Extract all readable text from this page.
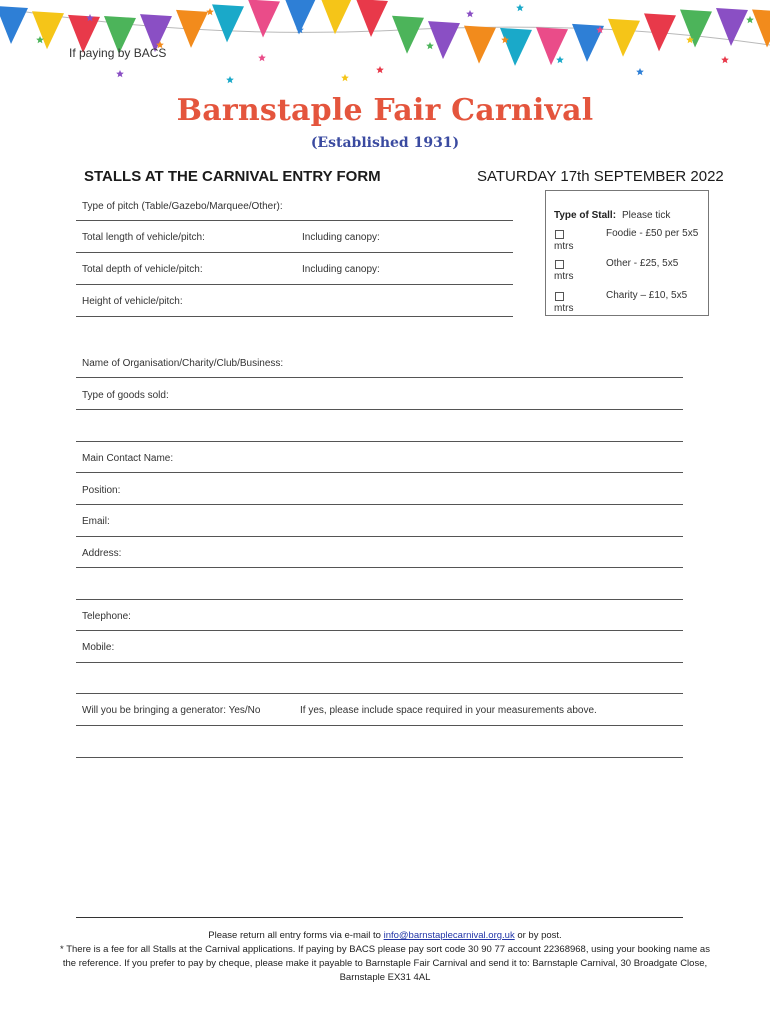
If paying by BACS
Barnstaple Fair Carnival
(Established 1931)
STALLS AT THE CARNIVAL ENTRY FORM	SATURDAY 17th SEPTEMBER 2022
Type of pitch (Table/Gazebo/Marquee/Other):
Total length of vehicle/pitch:	Including canopy:
Total depth of vehicle/pitch:	Including canopy:
Height of vehicle/pitch:
Type of Stall: Please tick
Foodie - £50 per 5x5
mtrs
Other - £25, 5x5
mtrs
Charity – £10, 5x5
mtrs
Name of Organisation/Charity/Club/Business:
Type of goods sold:
Main Contact Name:
Position:
Email:
Address:
Telephone:
Mobile:
Will you be bringing a generator: Yes/No	If yes, please include space required in your measurements above.
Please return all entry forms via e-mail to info@barnstaplecarnival.org.uk or by post.
* There is a fee for all Stalls at the Carnival applications. If paying by BACS please pay sort code 30 90 77 account 22368968, using your booking name as the reference. If you prefer to pay by cheque, please make it payable to Barnstaple Fair Carnival and send it to: Barnstaple Carnival, 30 Broadgate Close, Barnstaple EX31 4AL
